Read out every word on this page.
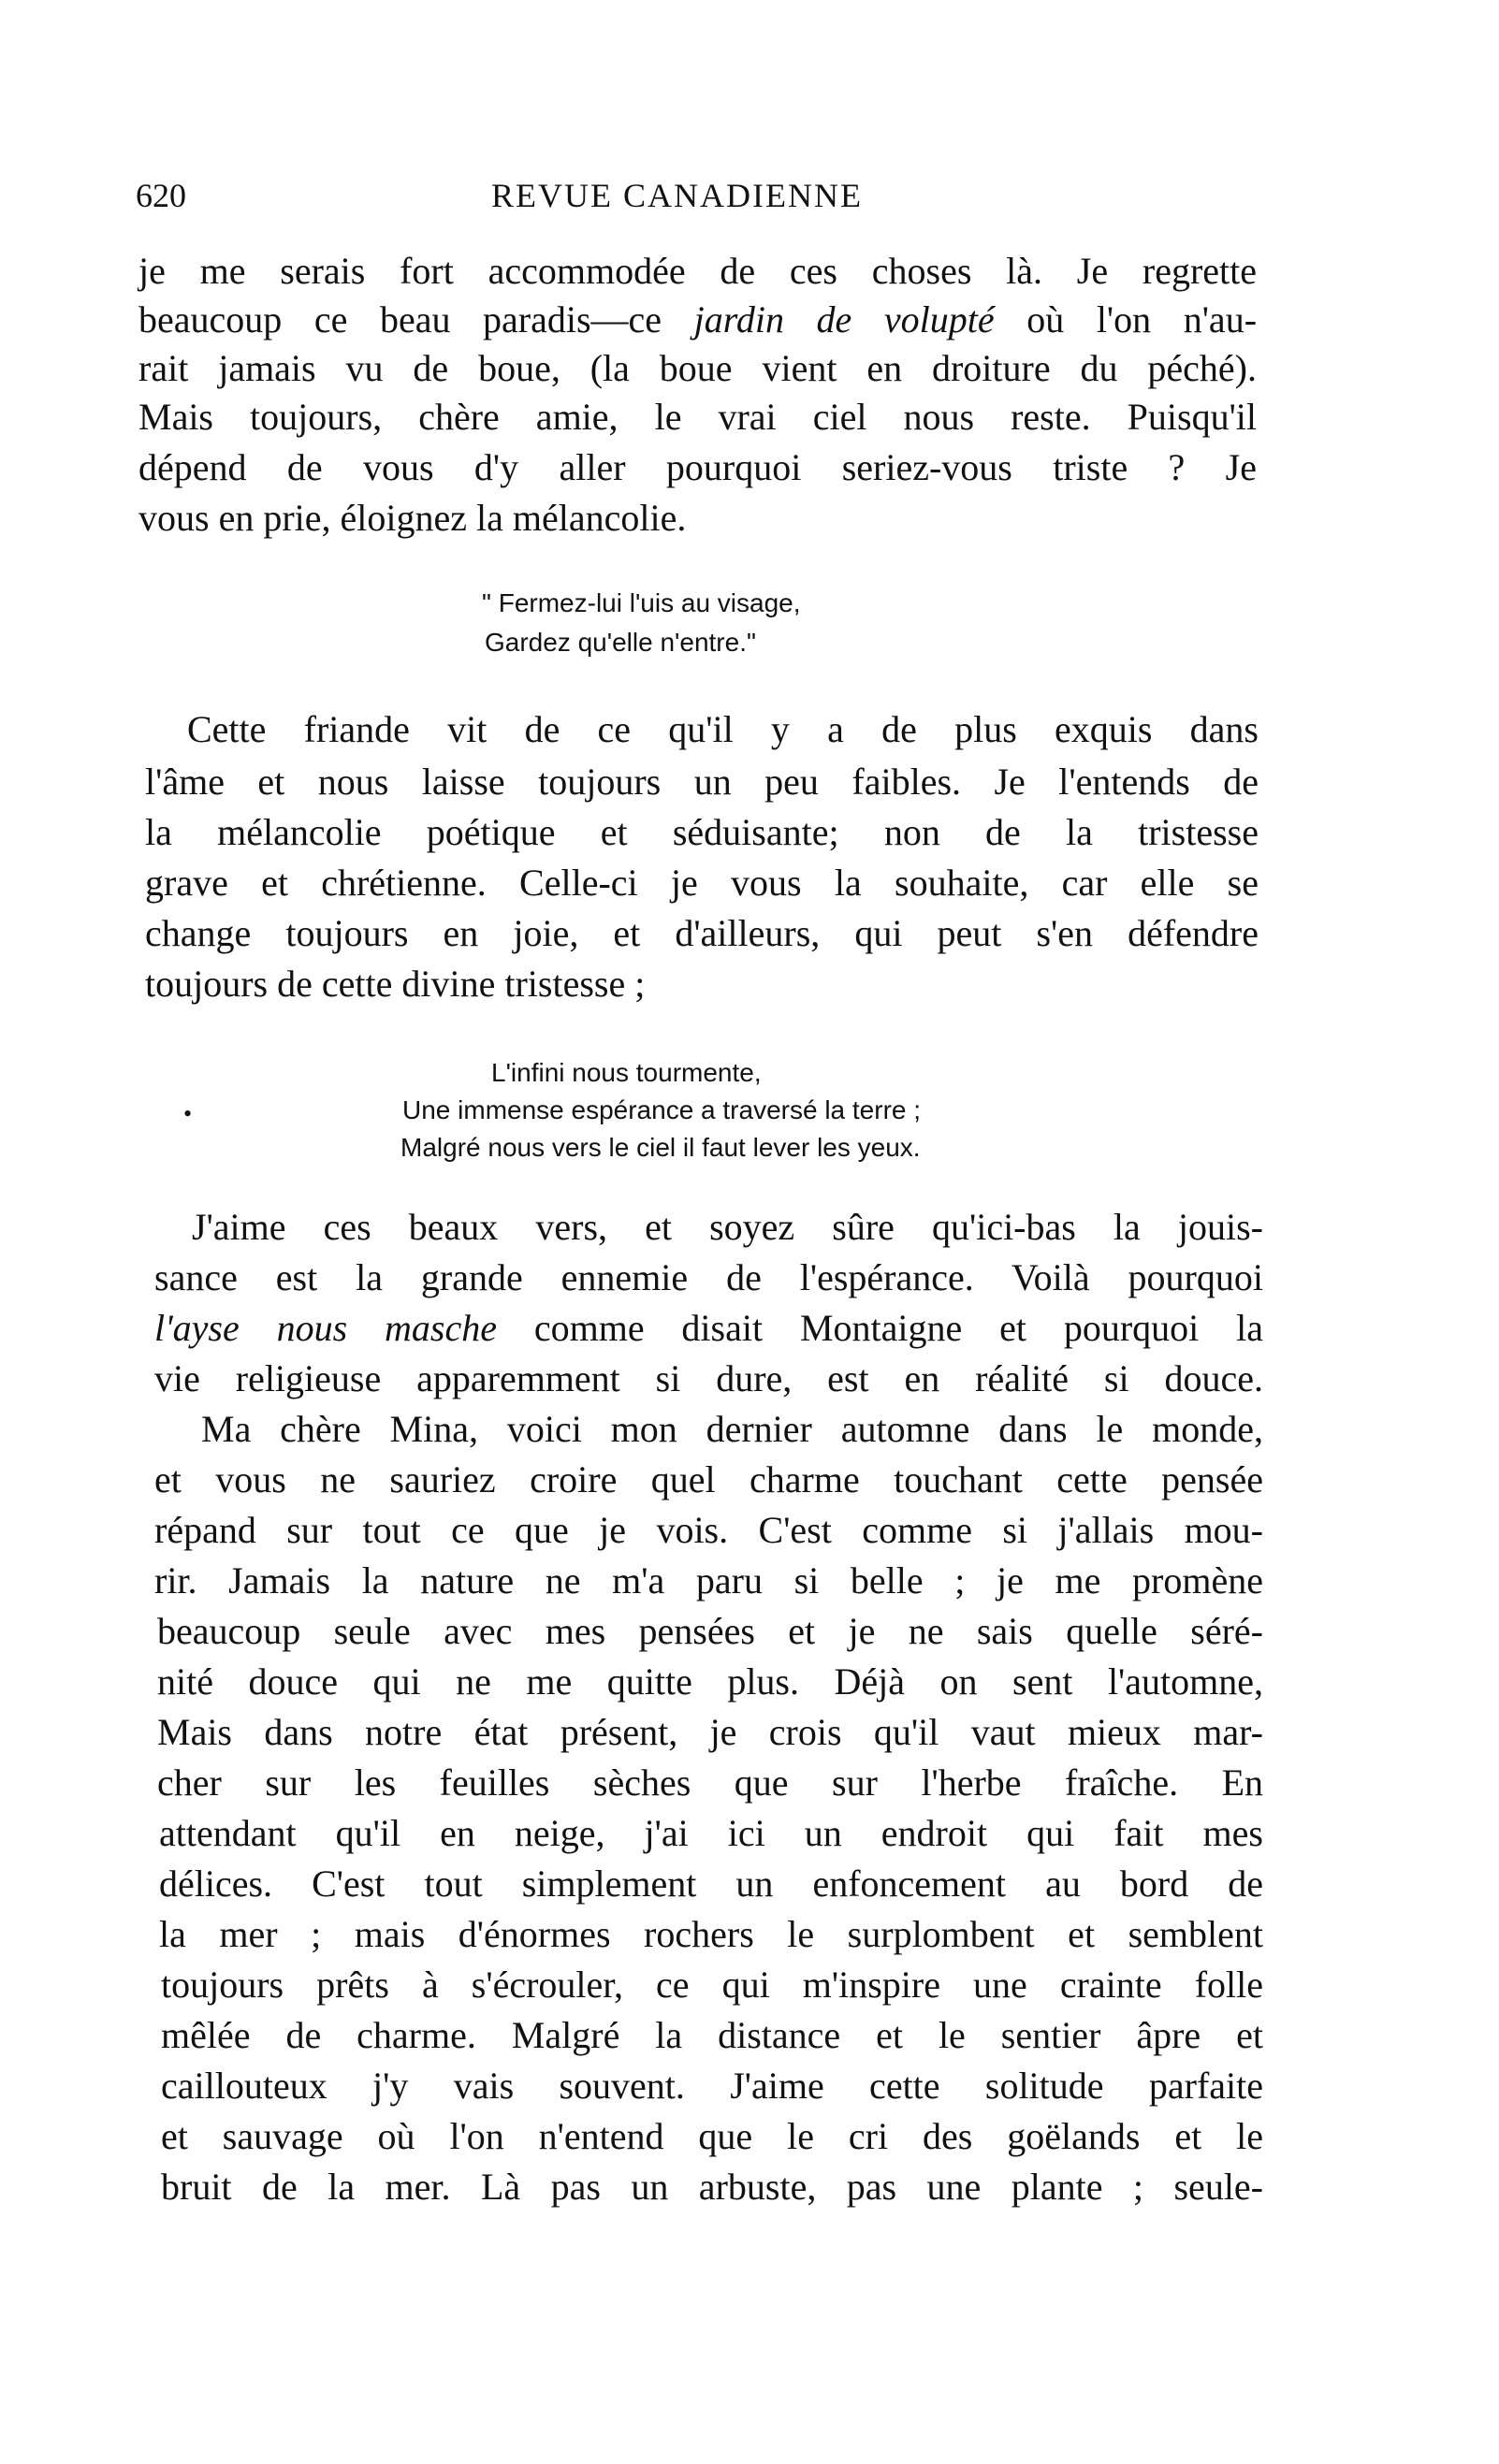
620	REVUE CANADIENNE
je me serais fort accommodée de ces choses là. Je regrette
beaucoup ce beau paradis—ce jardin de volupté où l'on n'au-
rait jamais vu de boue, (la boue vient en droiture du péché).
Mais toujours, chère amie, le vrai ciel nous reste. Puisqu'il
dépend de vous d'y aller pourquoi seriez-vous triste ? Je
vous en prie, éloignez la mélancolie.
" Fermez-lui l'uis au visage,
Gardez qu'elle n'entre."
Cette friande vit de ce qu'il y a de plus exquis dans
l'âme et nous laisse toujours un peu faibles. Je l'entends de
la mélancolie poétique et séduisante; non de la tristesse
grave et chrétienne. Celle-ci je vous la souhaite, car elle se
change toujours en joie, et d'ailleurs, qui peut s'en défendre
toujours de cette divine tristesse ;
•
L'infini nous tourmente,
Une immense espérance a traversé la terre ;
Malgré nous vers le ciel il faut lever les yeux.
J'aime ces beaux vers, et soyez sûre qu'ici-bas la jouis-
sance est la grande ennemie de l'espérance. Voilà pourquoi
l'ayse nous masche comme disait Montaigne et pourquoi la
vie religieuse apparemment si dure, est en réalité si douce.
Ma chère Mina, voici mon dernier automne dans le monde,
et vous ne sauriez croire quel charme touchant cette pensée
répand sur tout ce que je vois. C'est comme si j'allais mou-
rir. Jamais la nature ne m'a paru si belle ; je me promène
beaucoup seule avec mes pensées et je ne sais quelle séré-
nité douce qui ne me quitte plus. Déjà on sent l'automne,
Mais dans notre état présent, je crois qu'il vaut mieux mar-
cher sur les feuilles sèches que sur l'herbe fraîche. En
attendant qu'il en neige, j'ai ici un endroit qui fait mes
délices. C'est tout simplement un enfoncement au bord de
la mer ; mais d'énormes rochers le surplombent et semblent
toujours prêts à s'écrouler, ce qui m'inspire une crainte folle
mêlée de charme. Malgré la distance et le sentier âpre et
caillouteux j'y vais souvent. J'aime cette solitude parfaite
et sauvage où l'on n'entend que le cri des goëlands et le
bruit de la mer. Là pas un arbuste, pas une plante ; seule-
